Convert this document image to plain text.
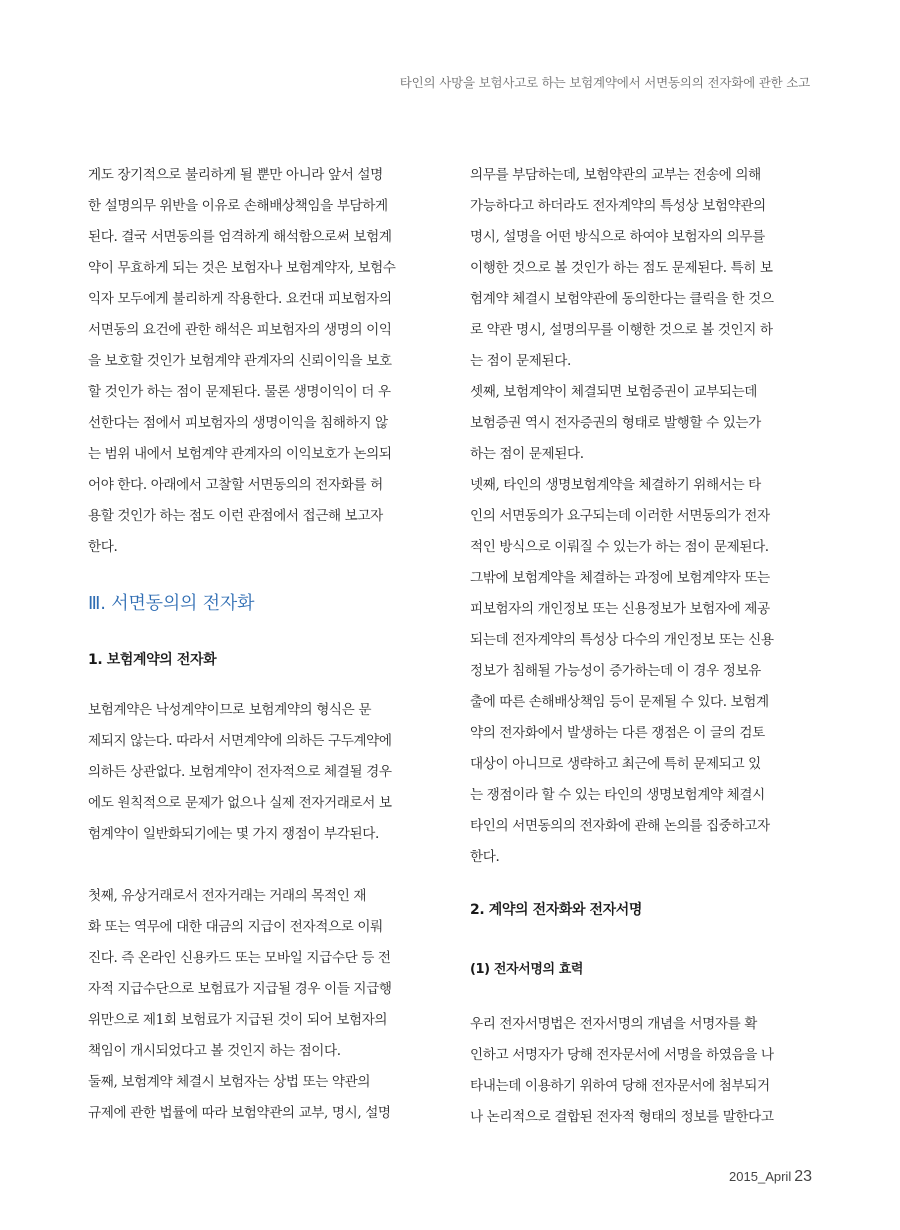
타인의 사망을 보험사고로 하는 보험계약에서 서면동의의 전자화에 관한 소고
게도 장기적으로 불리하게 될 뿐만 아니라 앞서 설명
한 설명의무 위반을 이유로 손해배상책임을 부담하게
된다. 결국 서면동의를 엄격하게 해석함으로써 보험계
약이 무효하게 되는 것은 보험자나 보험계약자, 보험수
익자 모두에게 불리하게 작용한다. 요컨대 피보험자의
서면동의 요건에 관한 해석은 피보험자의 생명의 이익
을 보호할 것인가 보험계약 관계자의 신뢰이익을 보호
할 것인가 하는 점이 문제된다. 물론 생명이익이 더 우
선한다는 점에서 피보험자의 생명이익을 침해하지 않
는 범위 내에서 보험계약 관계자의 이익보호가 논의되
어야 한다. 아래에서 고찰할 서면동의의 전자화를 허
용할 것인가 하는 점도 이런 관점에서 접근해 보고자
한다.
Ⅲ. 서면동의의 전자화
1. 보험계약의 전자화
보험계약은 낙성계약이므로 보험계약의 형식은 문
제되지 않는다. 따라서 서면계약에 의하든 구두계약에
의하든 상관없다. 보험계약이 전자적으로 체결될 경우
에도 원칙적으로 문제가 없으나 실제 전자거래로서 보
험계약이 일반화되기에는 몇 가지 쟁점이 부각된다.
첫째, 유상거래로서 전자거래는 거래의 목적인 재
화 또는 역무에 대한 대금의 지급이 전자적으로 이뤄
진다. 즉 온라인 신용카드 또는 모바일 지급수단 등 전
자적 지급수단으로 보험료가 지급될 경우 이들 지급행
위만으로 제1회 보험료가 지급된 것이 되어 보험자의
책임이 개시되었다고 볼 것인지 하는 점이다.
둘째, 보험계약 체결시 보험자는 상법 또는 약관의
규제에 관한 법률에 따라 보험약관의 교부, 명시, 설명
의무를 부담하는데, 보험약관의 교부는 전송에 의해
가능하다고 하더라도 전자계약의 특성상 보험약관의
명시, 설명을 어떤 방식으로 하여야 보험자의 의무를
이행한 것으로 볼 것인가 하는 점도 문제된다. 특히 보
험계약 체결시 보험약관에 동의한다는 클릭을 한 것으
로 약관 명시, 설명의무를 이행한 것으로 볼 것인지 하
는 점이 문제된다.
셋째, 보험계약이 체결되면 보험증권이 교부되는데
보험증권 역시 전자증권의 형태로 발행할 수 있는가
하는 점이 문제된다.
넷째, 타인의 생명보험계약을 체결하기 위해서는 타
인의 서면동의가 요구되는데 이러한 서면동의가 전자
적인 방식으로 이뤄질 수 있는가 하는 점이 문제된다.
그밖에 보험계약을 체결하는 과정에 보험계약자 또는
피보험자의 개인정보 또는 신용정보가 보험자에 제공
되는데 전자계약의 특성상 다수의 개인정보 또는 신용
정보가 침해될 가능성이 증가하는데 이 경우 정보유
출에 따른 손해배상책임 등이 문제될 수 있다. 보험계
약의 전자화에서 발생하는 다른 쟁점은 이 글의 검토
대상이 아니므로 생략하고 최근에 특히 문제되고 있
는 쟁점이라 할 수 있는 타인의 생명보험계약 체결시
타인의 서면동의의 전자화에 관해 논의를 집중하고자
한다.
2. 계약의 전자화와 전자서명
(1) 전자서명의 효력
우리 전자서명법은 전자서명의 개념을 서명자를 확
인하고 서명자가 당해 전자문서에 서명을 하였음을 나
타내는데 이용하기 위하여 당해 전자문서에 첨부되거
나 논리적으로 결합된 전자적 형태의 정보를 말한다고
2015_April 23
